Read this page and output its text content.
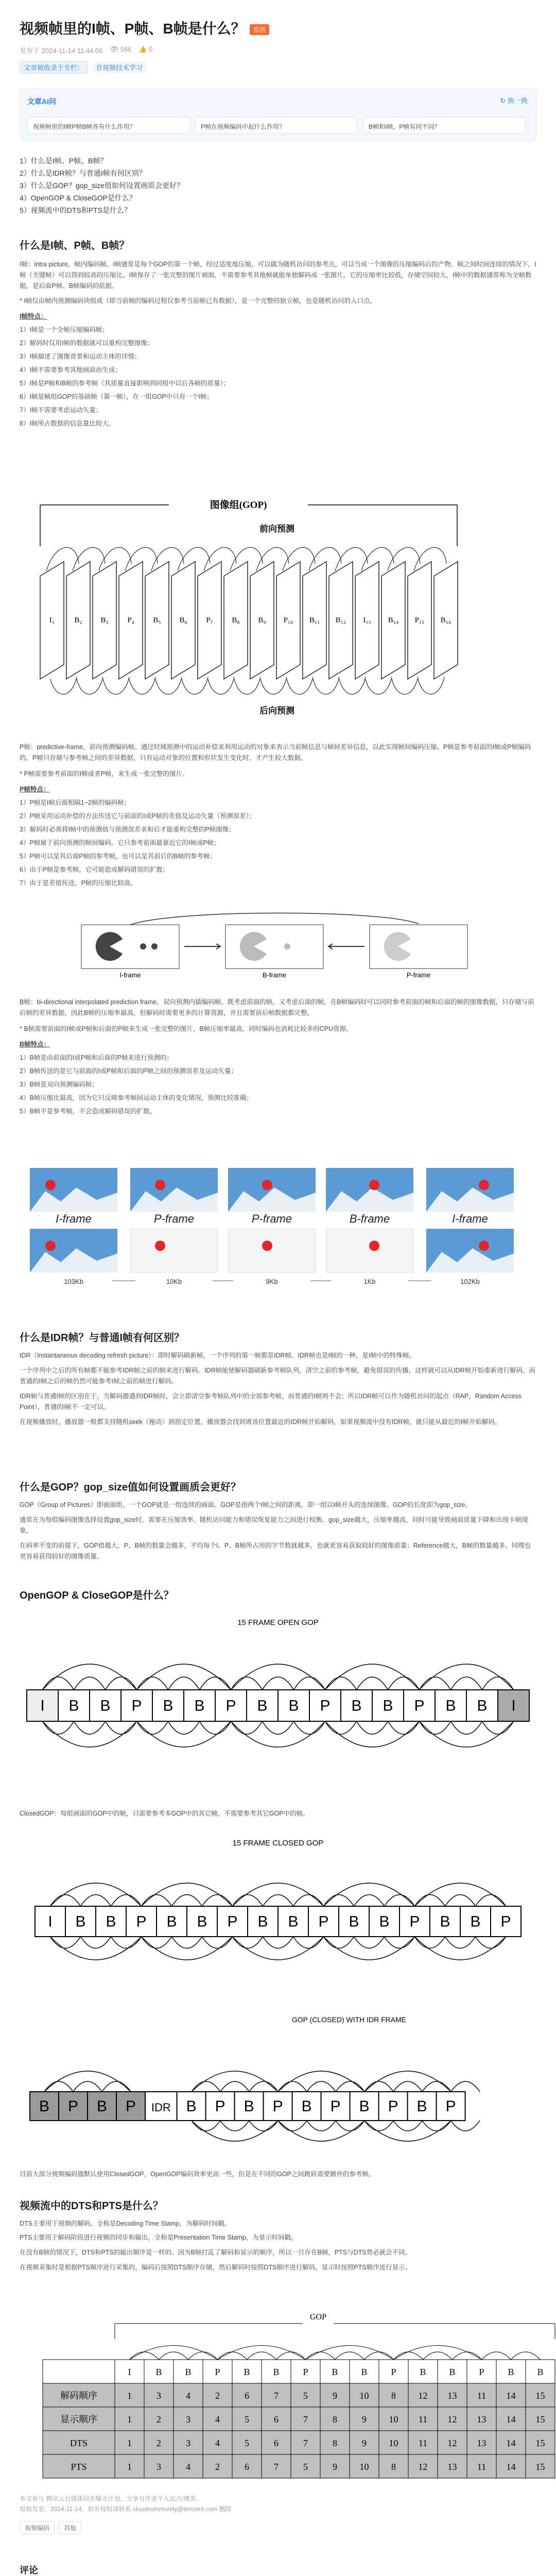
视频帧里的I帧、P帧、B帧是什么？ 原创
发布于 2024-11-14 11:44:06 👁 566 👍 0
文章被收录于专栏：	音视频技术学习
文章AI问	↻ 换一换
视频帧里的I帧P帧B帧各有什么作用？	P帧在视频编码中起什么作用？	B帧和I帧、P帧有何不同？
1）什么是I帧、P帧、B帧？
2）什么是IDR帧？与普通I帧有何区别？
3）什么是GOP？gop_size值如何设置画质会更好？
4）OpenGOP & CloseGOP是什么？
5）视频流中的DTS和PTS是什么？
什么是I帧、P帧、B帧？

I帧：intra picture，帧内编码帧。I帧通常是每个GOP的第一个帧，经过适度地压缩，可以做为随机访问的参考点，可以当成一个图像的压缩编码后的产物。帧之间时间连续的情况下，I帧（关键帧）可以得到较高的压缩比。I帧保存了一张完整的图片画面，不需要参考其他帧就能单独解码成一张图片，它的压缩率比较低，存储空间较大，I帧中的数据通常称为全帧数据，是后面P帧、B帧编码的依据。

* I帧仅由帧内预测编码块组成（即当前帧的编码过程仅参考当前帧已有数据），是一个完整的独立帧，也是随机访问的入口点。

I帧特点：
1）I帧是一个全帧压缩编码帧；
2）解码时仅用I帧的数据就可以重构完整图像；
3）I帧描述了图像背景和运动主体的详情；
4）I帧不需要参考其他画面而生成；
5）I帧是P帧和B帧的参考帧（其质量直接影响到同组中以后各帧的质量）；
6）I帧是帧组GOP的基础帧（第一帧），在一组GOP中只有一个I帧；
7）I帧不需要考虑运动矢量；
8）I帧所占数据的信息量比较大。
图像组(GOP)
前向预测
I₁	B₂ B₃ P₄ B₅ B₆ P₇ B₈ B₉ P₁₀ B₁₁ B₁₂ I₁₃ B₁₄ P₁₅ B₁₆
后向预测

P帧：predictive-frame，前向预测编码帧。通过时域预测中的运动补偿来利用运动的对象来表示当前帧信息与帧间差异信息，以此实现帧间编码压缩。P帧是参考前面的I帧或P帧编码的，P帧只存储与参考帧之间的差异数据，只有运动对象的位置和形状发生变化时，才产生较大数据。

* P帧需要参考前面的I帧或者P帧，来生成一张完整的图片。

P帧特点：
1）P帧是I帧后面相隔1~2帧的编码帧；
2）P帧采用运动补偿的方法传送它与前面的I或P帧的差值及运动矢量（预测误差）；
3）解码时必须将I帧中的预测值与预测误差求和后才能重构完整的P帧图像；
4）P帧属于前向预测的帧间编码。它只参考前面最靠近它的I帧或P帧；
5）P帧可以是其后面P帧的参考帧，也可以是其前后的B帧的参考帧；
6）由于P帧是参考帧，它可能造成解码错误的扩散；
7）由于是差值传送，P帧的压缩比较高。
I-frame	B-frame	P-frame

B帧：bi-directional interpolated prediction frame，双向预测内插编码帧。既考虑前面的帧，又考虑后面的帧，在B帧编码时可以同时参考前面的帧和后面的帧的图像数据，只存储与前后帧的差异数据，因此B帧的压缩率最高，但解码时需要更多的计算资源，并且需要前后帧数据都完整。

* B帧需要前面的I帧或P帧和后面的P帧来生成一张完整的图片，B帧压缩率最高，同时编码也消耗比较多的CPU资源。

B帧特点：
1）B帧是由前面的I或P帧和后面的P帧来进行预测的；
2）B帧传送的是它与前面的I或P帧和后面的P帧之间的预测误差及运动矢量；
3）B帧是双向预测编码帧；
4）B帧压缩比最高，因为它只反映参考帧间运动主体的变化情况，预测比较准确；
5）B帧不是参考帧，不会造成解码错误的扩散。
I-frame
103Kb
P-frame
10Kb
P-frame
9Kb
B-frame
1Kb
I-frame
102Kb
什么是IDR帧？与普通I帧有何区别？

IDR（Instantaneous decoding refresh picture）：即时解码刷新帧，一个序列的第一帧都是IDR帧。IDR帧也是I帧的一种，是I帧中的特殊帧。

一个序列中之后的所有帧都不能参考IDR帧之前的帧来进行解码。IDR帧能使解码器刷新参考帧队列，清空之前的参考帧，避免错误的传播，这样就可以从IDR帧开始重新进行解码，而普通的I帧之后的帧仍然可能参考I帧之前的帧进行解码。

IDR帧与普通I帧的区别在于，当解码器遇到IDR帧时，会立即清空参考帧队列中的全部参考帧，而普通的I帧则不会；所以IDR帧可以作为随机访问的起点（RAP，Random Access Point），普通的I帧不一定可以。

在视频播放时，播放器一般都支持随机seek（拖动）到指定位置，播放器会找到离该位置最近的IDR帧开始解码，如果视频流中没有IDR帧，就只能从最近的I帧开始解码。

什么是GOP？gop_size值如何设置画质会更好？

GOP（Group of Pictures）即画面组，一个GOP就是一组连续的画面。GOP是指两个I帧之间的距离，即一组以I帧开头的连续图像。GOP的长度即为gop_size。

通常在为每组编码图像选择设置gop_size时，需要在压缩效率、随机访问能力和错误恢复能力之间进行权衡。gop_size越大，压缩率越高，同时可能导致画面质量下降和出现卡顿现象。

在码率不变的前提下，GOP值越大，P、B帧的数量会越多，平均每个I、P、B帧所占用的字节数就越多，也就更容易获取较好的图像质量；Reference越大，B帧的数量越多，同理也更容易获得较好的图像质量。

OpenGOP & CloseGOP是什么？
15 FRAME OPEN GOP
I B B P B B P B B P B B P B B I

ClosedGOP：每组画面的GOP中的帧，只需要参考本GOP中的其它帧，不需要参考其它GOP中的帧。

15 FRAME CLOSED GOP
I B B P B B P B B P B B P B B P
GOP (CLOSED) WITH IDR FRAME
B P B P IDR B P B P B P B P B P

目前大部分视频编码器默认使用ClosedGOP，OpenGOP编码效率更高一些，但是在不同的GOP之间跳转需要额外的参考帧。

视频流中的DTS和PTS是什么？

DTS主要用于视频的解码，全称是Decoding Time Stamp，为解码时间戳。

PTS主要用于解码阶段进行视频的同步和输出，全称是Presentation Time Stamp，为显示时间戳。

在没有B帧的情况下，DTS和PTS的输出顺序是一样的。因为B帧打乱了解码和显示的顺序，所以一旦存在B帧，PTS与DTS势必就会不同。

在视频采集时是根据PTS顺序进行采集的，编码后按照DTS顺序存储，然后解码时按照DTS顺序进行解码，显示时按照PTS顺序进行显示。

GOP
I	B B	P	B B	P	B B	P	B B	P	B B
解码顺序	1	3	4	2	6	7	5	9 10 8 12 13 11 14 15
显示顺序	1	2	3	4	5	6	7	8	9 10 11 12 13 14 15
DTS	1	2	3	4	5	6	7	8	9 10 11 12 13 14 15
PTS	1	3	4	2	6	7	5	9 10 8 12 13 11 14 15
本文参与 腾讯云自媒体同步曝光计划，分享自作者个人站点/博客。
原始发表：2024-11-14，如有侵权请联系 cloudcommunity@tencent.com 删除
视频编码	其他
评论
